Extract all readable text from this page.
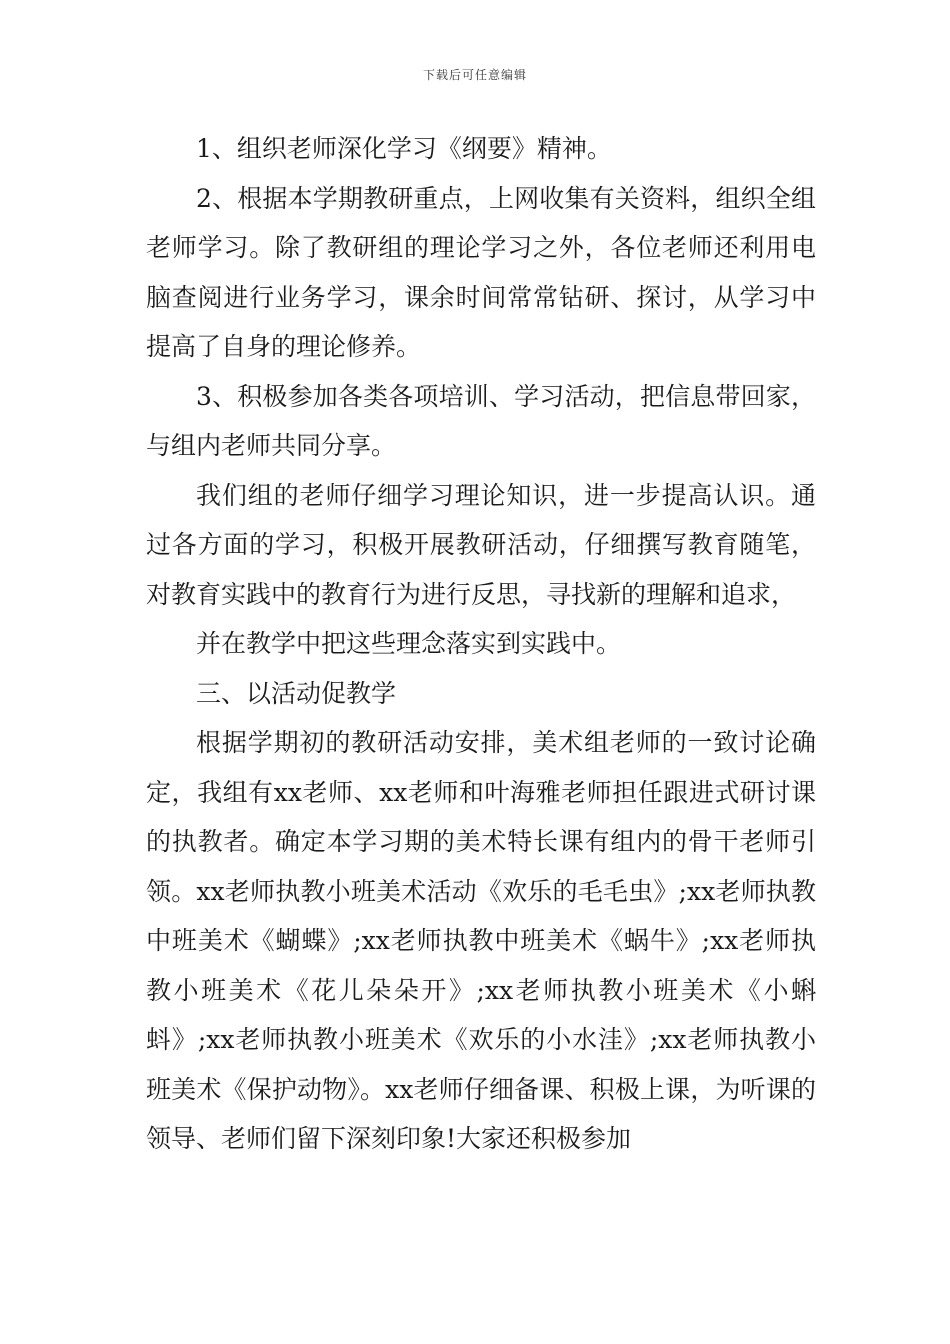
下载后可任意编辑

1、组织老师深化学习《纲要》精神。

2、根据本学期教研重点，上网收集有关资料，组织全组老师学习。除了教研组的理论学习之外，各位老师还利用电脑查阅进行业务学习，课余时间常常钻研、探讨，从学习中提高了自身的理论修养。

3、积极参加各类各项培训、学习活动，把信息带回家，与组内老师共同分享。

我们组的老师仔细学习理论知识，进一步提高认识。通过各方面的学习，积极开展教研活动，仔细撰写教育随笔，对教育实践中的教育行为进行反思，寻找新的理解和追求，

并在教学中把这些理念落实到实践中。

三、以活动促教学

根据学期初的教研活动安排，美术组老师的一致讨论确定，我组有xx老师、xx老师和叶海雅老师担任跟进式研讨课的执教者。确定本学习期的美术特长课有组内的骨干老师引领。xx老师执教小班美术活动《欢乐的毛毛虫》;xx老师执教中班美术《蝴蝶》;xx老师执教中班美术《蜗牛》;xx老师执教小班美术《花儿朵朵开》;xx老师执教小班美术《小蝌蚪》;xx老师执教小班美术《欢乐的小水洼》;xx老师执教小班美术《保护动物》。xx老师仔细备课、积极上课，为听课的领导、老师们留下深刻印象!大家还积极参加
